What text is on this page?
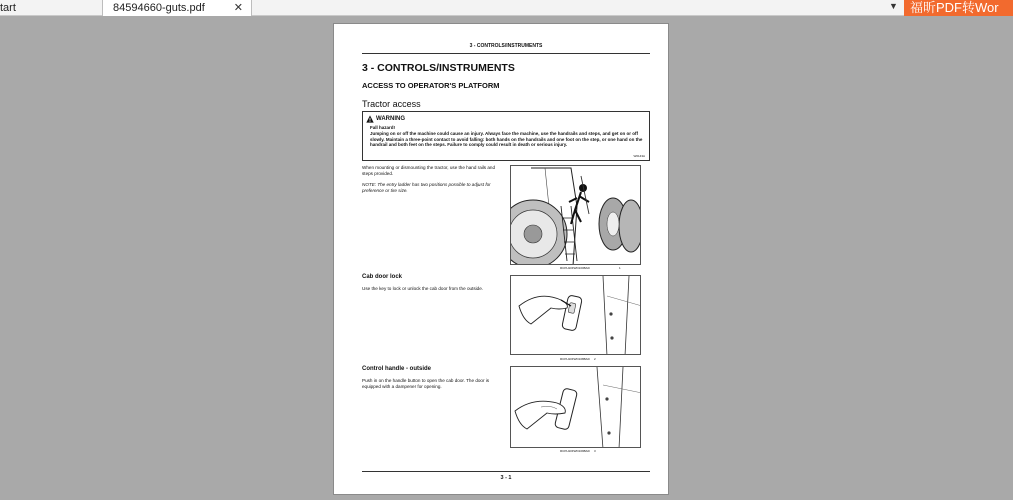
tart	84594660-guts.pdf	✕	▼ 福昕PDF转Wor
3 - CONTROLS/INSTRUMENTS
3 - CONTROLS/INSTRUMENTS
ACCESS TO OPERATOR'S PLATFORM
Tractor access
WARNING
Fall hazard!
Jumping on or off the machine could cause an injury. Always face the machine, use the handrails and steps, and get on or off slowly. Maintain a three-point contact to avoid falling: both hands on the handrails and one foot on the step, or one hand on the handrail and both feet on the steps. Failure to comply could result in death or serious injury.
W0143A
When mounting or dismounting the tractor, use the hand rails and steps provided.
NOTE: The entry ladder has two positions possible to adjust for preference or tire size.
RCPH10FWD100BAD	1
Cab door lock
Use the key to lock or unlock the cab door from the outside.
RCPH10FWD108BAD 2
Control handle - outside
Push in on the handle button to open the cab door. The door is equipped with a dampener for opening.
RCPH10FWD109BAD 3
3 - 1
